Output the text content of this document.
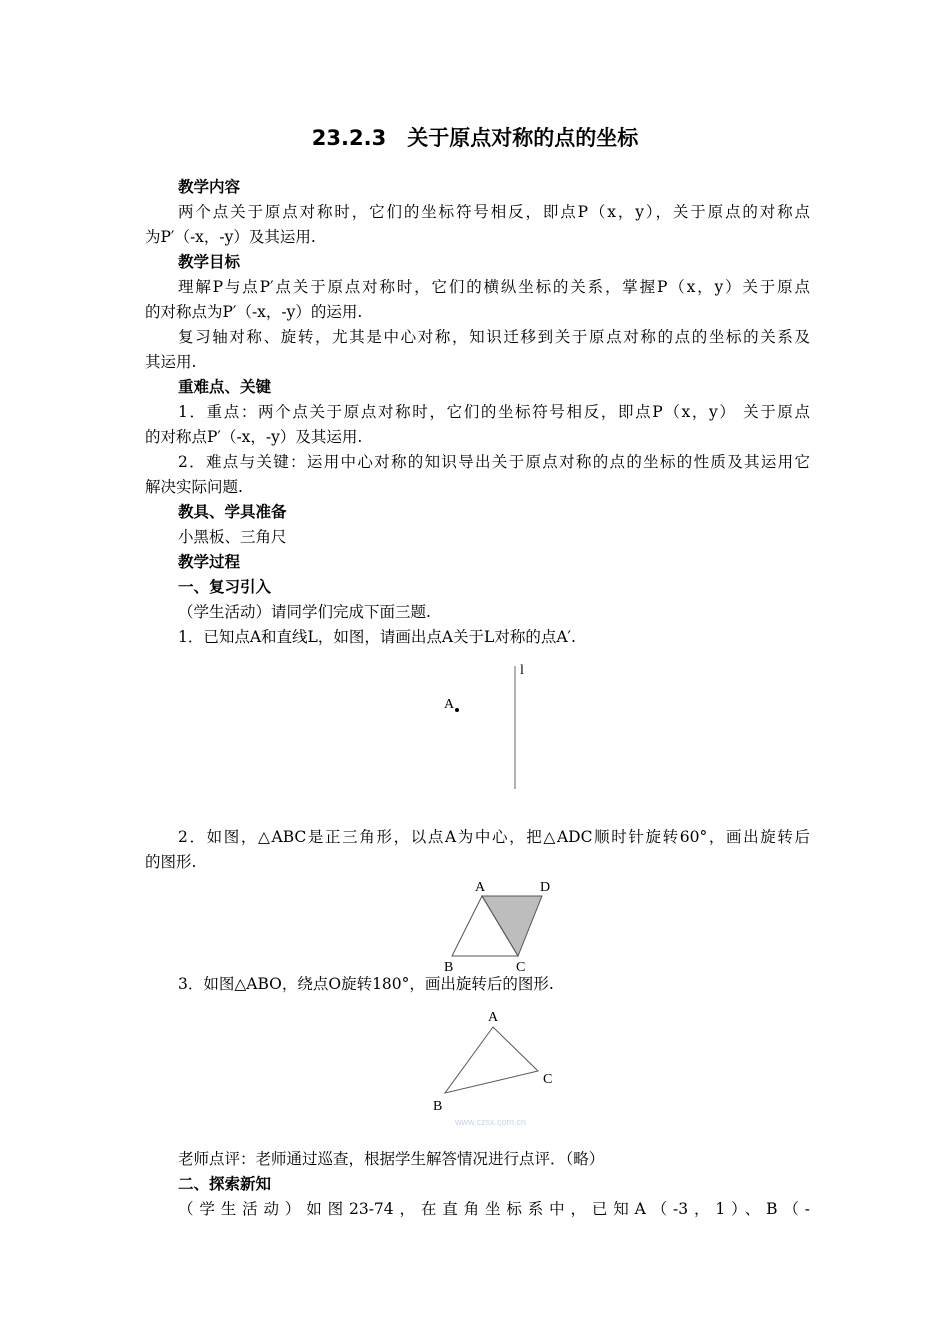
23.2.3　关于原点对称的点的坐标
教学内容
两个点关于原点对称时，它们的坐标符号相反，即点P（x，y），关于原点的对称点
为P′（-x，-y）及其运用.
教学目标
理解P与点P′点关于原点对称时，它们的横纵坐标的关系，掌握P（x，y）关于原点
的对称点为P′（-x，-y）的运用.
复习轴对称、旋转，尤其是中心对称，知识迁移到关于原点对称的点的坐标的关系及
其运用.
重难点、关键
1．重点：两个点关于原点对称时，它们的坐标符号相反，即点P（x，y） 关于原点
的对称点P′（-x，-y）及其运用.
2．难点与关键：运用中心对称的知识导出关于原点对称的点的坐标的性质及其运用它
解决实际问题.
教具、学具准备
小黑板、三角尺
教学过程
一、复习引入
（学生活动）请同学们完成下面三题.
1．已知点A和直线L，如图，请画出点A关于L对称的点A′.
l
A
2．如图，△ABC是正三角形，以点A为中心，把△ADC顺时针旋转60°，画出旋转后
的图形.
A	D
B	C
3．如图△ABO，绕点O旋转180°，画出旋转后的图形.
A
B
C
www.czsx.com.cn
老师点评：老师通过巡查，根据学生解答情况进行点评．（略）
二、探索新知
（学生活动）如图23-74，在直角坐标系中，已知A（-3，1）、B（-
